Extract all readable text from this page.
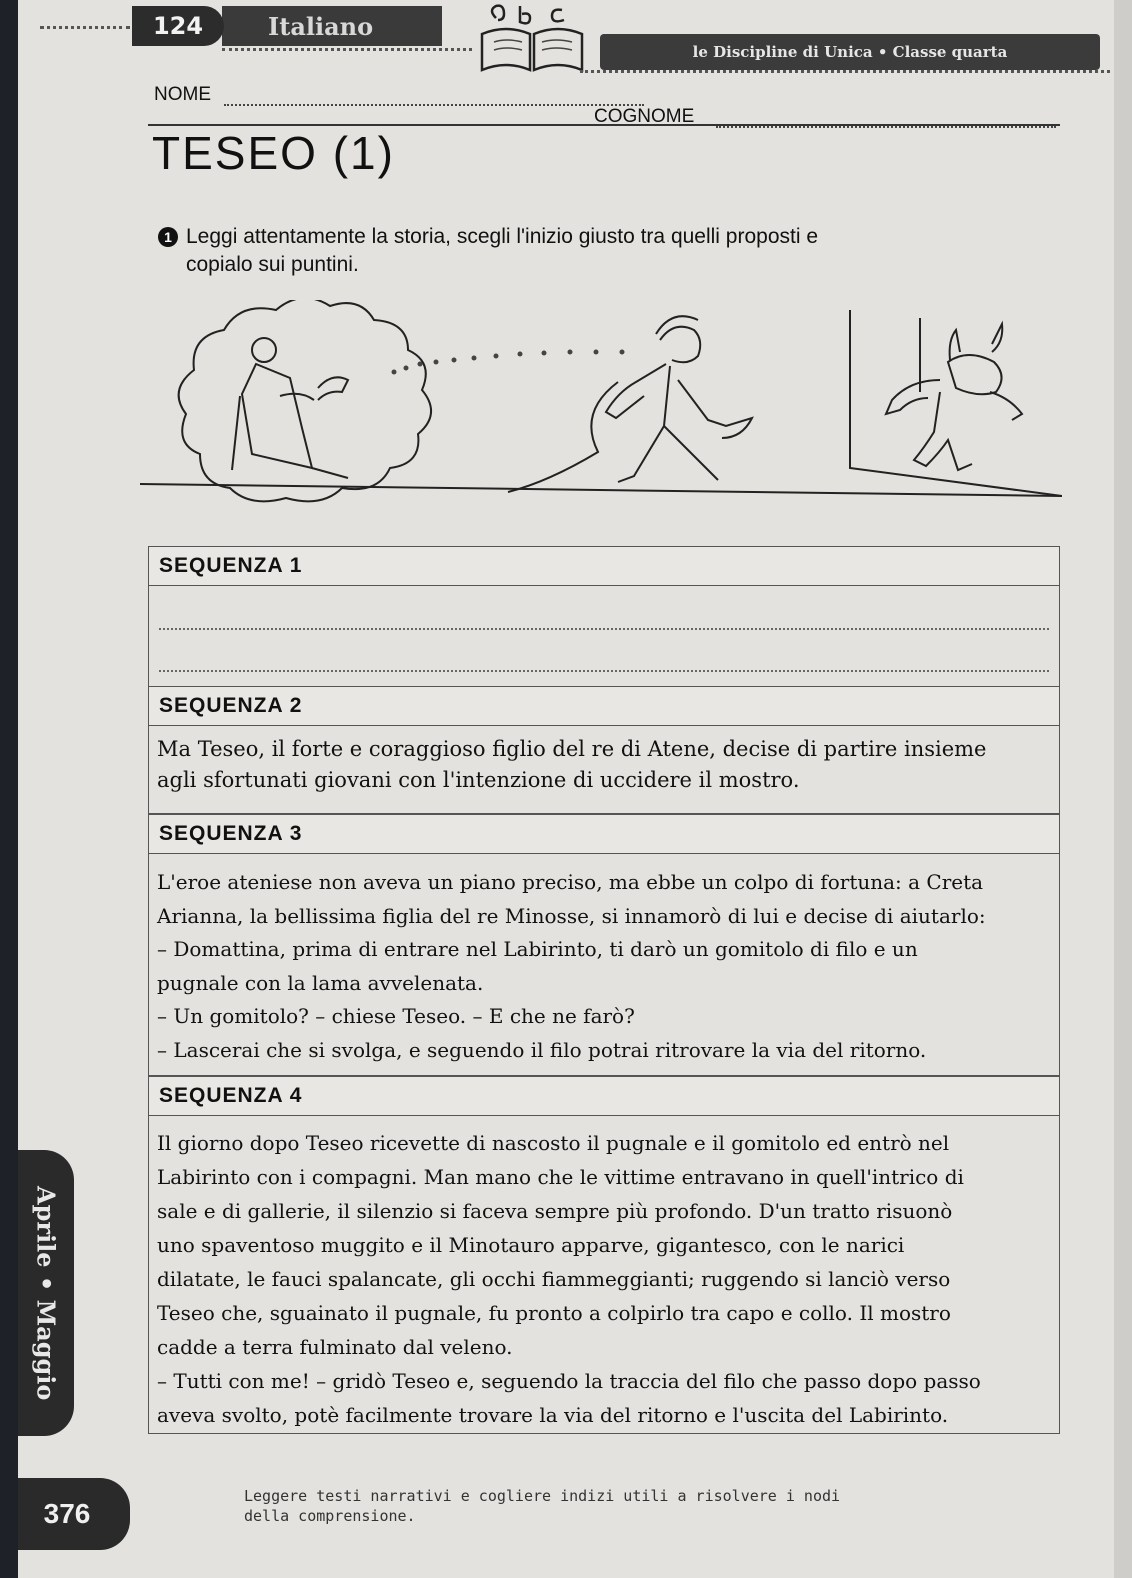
Italiano
124
le Discipline di Unica • Classe quarta
NOME
COGNOME
TESEO (1)
1 Leggi attentamente la storia, scegli l'inizio giusto tra quelli proposti e
copialo sui puntini.
SEQUENZA 1
SEQUENZA 2

Ma Teseo, il forte e coraggioso figlio del re di Atene, decise di partire insieme

agli sfortunati giovani con l'intenzione di uccidere il mostro.

SEQUENZA 3

L'eroe ateniese non aveva un piano preciso, ma ebbe un colpo di fortuna: a Creta

Arianna, la bellissima figlia del re Minosse, si innamorò di lui e decise di aiutarlo:

– Domattina, prima di entrare nel Labirinto, ti darò un gomitolo di filo e un

pugnale con la lama avvelenata.

– Un gomitolo? – chiese Teseo. – E che ne farò?

– Lascerai che si svolga, e seguendo il filo potrai ritrovare la via del ritorno.

SEQUENZA 4

Il giorno dopo Teseo ricevette di nascosto il pugnale e il gomitolo ed entrò nel

Labirinto con i compagni. Man mano che le vittime entravano in quell'intrico di

sale e di gallerie, il silenzio si faceva sempre più profondo. D'un tratto risuonò

uno spaventoso muggito e il Minotauro apparve, gigantesco, con le narici

dilatate, le fauci spalancate, gli occhi fiammeggianti; ruggendo si lanciò verso

Teseo che, sguainato il pugnale, fu pronto a colpirlo tra capo e collo. Il mostro

cadde a terra fulminato dal veleno.

– Tutti con me! – gridò Teseo e, seguendo la traccia del filo che passo dopo passo

aveva svolto, potè facilmente trovare la via del ritorno e l'uscita del Labirinto.

Aprile • Maggio
376
Leggere testi narrativi e cogliere indizi utili a risolvere i nodi
della comprensione.
